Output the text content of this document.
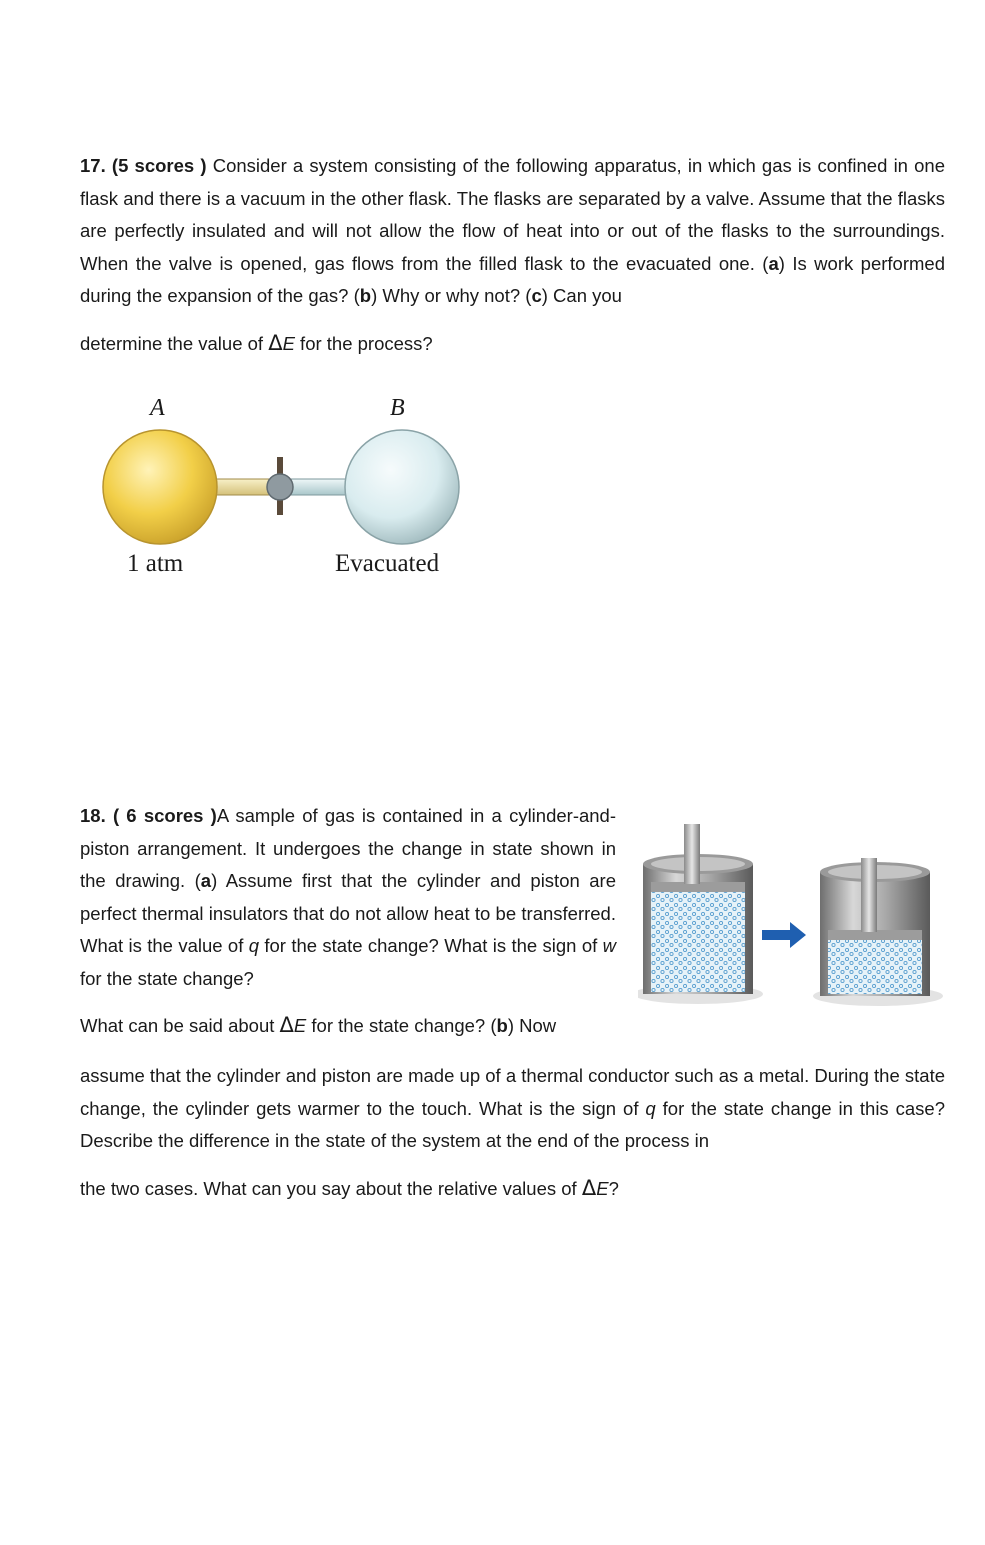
17. (5 scores ) Consider a system consisting of the following apparatus, in which gas is confined in one flask and there is a vacuum in the other flask. The flasks are separated by a valve. Assume that the flasks are perfectly insulated and will not allow the flow of heat into or out of the flasks to the surroundings. When the valve is opened, gas flows from the filled flask to the evacuated one. (a) Is work performed during the expansion of the gas? (b) Why or why not? (c) Can you
determine the value of ΔE for the process?
A	B
1 atm	Evacuated
18. ( 6 scores )A sample of gas is contained in a cylinder-and-piston arrangement. It undergoes the change in state shown in the drawing. (a) Assume first that the cylinder and piston are perfect thermal insulators that do not allow heat to be transferred. What is the value of q for the state change? What is the sign of w for the state change?
What can be said about ΔE for the state change? (b) Now
assume that the cylinder and piston are made up of a thermal conductor such as a metal. During the state change, the cylinder gets warmer to the touch. What is the sign of q for the state change in this case? Describe the difference in the state of the system at the end of the process in
the two cases. What can you say about the relative values of ΔE?
